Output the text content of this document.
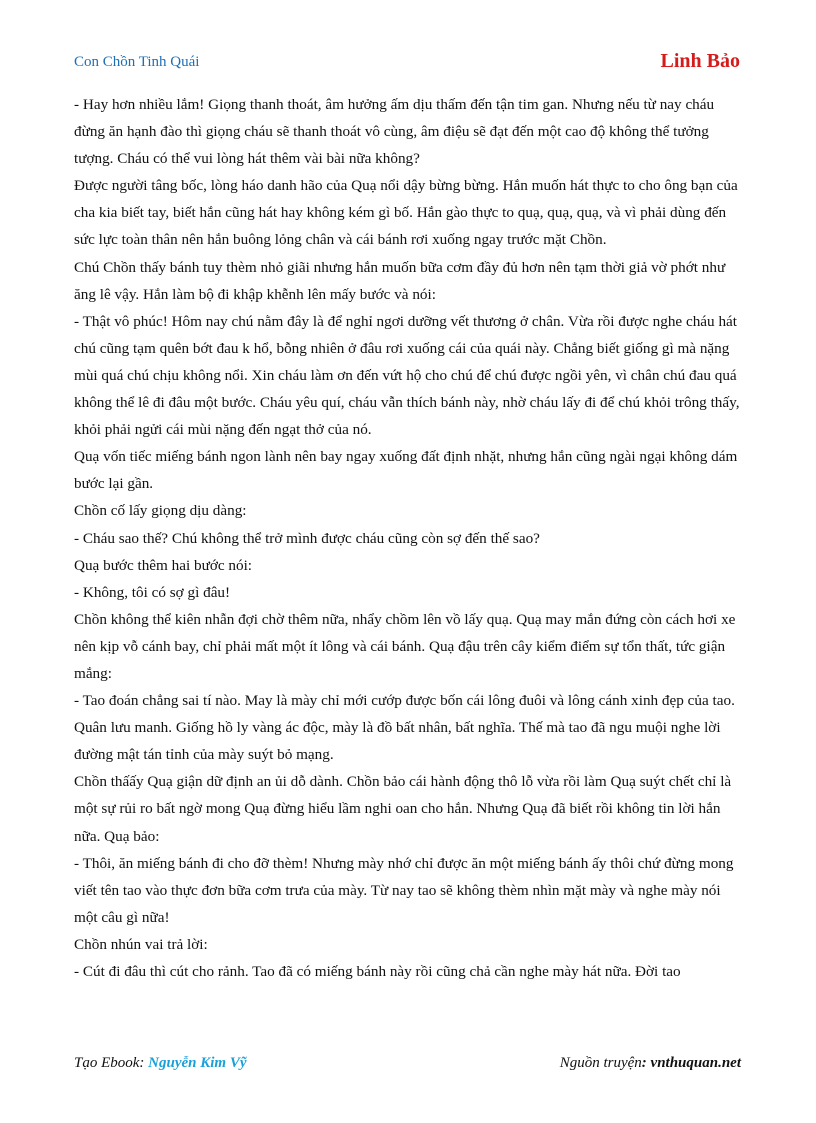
Con Chồn Tinh Quái	Linh Bảo

- Hay hơn nhiều lắm! Giọng thanh thoát, âm hưởng ấm dịu thấm đến tận tim gan. Nhưng nếu từ nay cháu đừng ăn hạnh đào thì giọng cháu sẽ thanh thoát vô cùng, âm điệu sẽ đạt đến một cao độ không thể tưởng tượng. Cháu có thể vui lòng hát thêm vài bài nữa không?

Được người tâng bốc, lòng háo danh hão của Quạ nổi dậy bừng bừng. Hắn muốn hát thực to cho ông bạn của cha kia biết tay, biết hắn cũng hát hay không kém gì bố. Hắn gào thực to quạ, quạ, quạ, và vì phải dùng đến sức lực toàn thân nên hắn buông lỏng chân và cái bánh rơi xuống ngay trước mặt Chồn.

Chú Chồn thấy bánh tuy thèm nhỏ giãi nhưng hắn muốn bữa cơm đầy đủ hơn nên tạm thời giả vờ phớt như ăng lê vậy. Hắn làm bộ đi khập khễnh lên mấy bước và nói:

- Thật vô phúc! Hôm nay chú nằm đây là để nghỉ ngơi dưỡng vết thương ở chân. Vừa rồi được nghe cháu hát chú cũng tạm quên bớt đau k hổ, bỗng nhiên ở đâu rơi xuống cái của quái này. Chẳng biết giống gì mà nặng mùi quá chú chịu không nổi. Xin cháu làm ơn đến vứt hộ cho chú để chú được ngồi yên, vì chân chú đau quá không thể lê đi đâu một bước. Cháu yêu quí, cháu vẫn thích bánh này, nhờ cháu lấy đi để chú khỏi trông thấy, khỏi phải ngửi cái mùi nặng đến ngạt thở của nó.

Quạ vốn tiếc miếng bánh ngon lành nên bay ngay xuống đất định nhặt, nhưng hắn cũng ngài ngại không dám bước lại gần.

Chồn cố lấy giọng dịu dàng:

- Cháu sao thế? Chú không thể trở mình được cháu cũng còn sợ đến thế sao?

Quạ bước thêm hai bước nói:

- Không, tôi có sợ gì đâu!

Chồn không thể kiên nhẫn đợi chờ thêm nữa, nhẩy chồm lên vồ lấy quạ. Quạ may mắn đứng còn cách hơi xe nên kịp vỗ cánh bay, chỉ phải mất một ít lông và cái bánh. Quạ đậu trên cây kiểm điểm sự tổn thất, tức giận mắng:

- Tao đoán chẳng sai tí nào. May là mày chỉ mới cướp được bốn cái lông đuôi và lông cánh xinh đẹp của tao. Quân lưu manh. Giống hồ ly vàng ác độc, mày là đồ bất nhân, bất nghĩa. Thế mà tao đã ngu muội nghe lời đường mật tán tỉnh của mày suýt bỏ mạng.

Chồn thấấy Quạ giận dữ định an ủi dỗ dành. Chồn bảo cái hành động thô lỗ vừa rồi làm Quạ suýt chết chỉ là một sự rủi ro bất ngờ mong Quạ đừng hiểu lầm nghi oan cho hắn. Nhưng Quạ đã biết rồi không tin lời hắn nữa. Quạ bảo:

- Thôi, ăn miếng bánh đi cho đỡ thèm! Nhưng mày nhớ chỉ được ăn một miếng bánh ấy thôi chứ đừng mong viết tên tao vào thực đơn bữa cơm trưa của mày. Từ nay tao sẽ không thèm nhìn mặt mày và nghe mày nói một câu gì nữa!

Chồn nhún vai trả lời:

- Cút đi đâu thì cút cho rảnh. Tao đã có miếng bánh này rồi cũng chả cần nghe mày hát nữa. Đời tao

Tạo Ebook: Nguyễn Kim Vỹ	Nguồn truyện: vnthuquan.net
